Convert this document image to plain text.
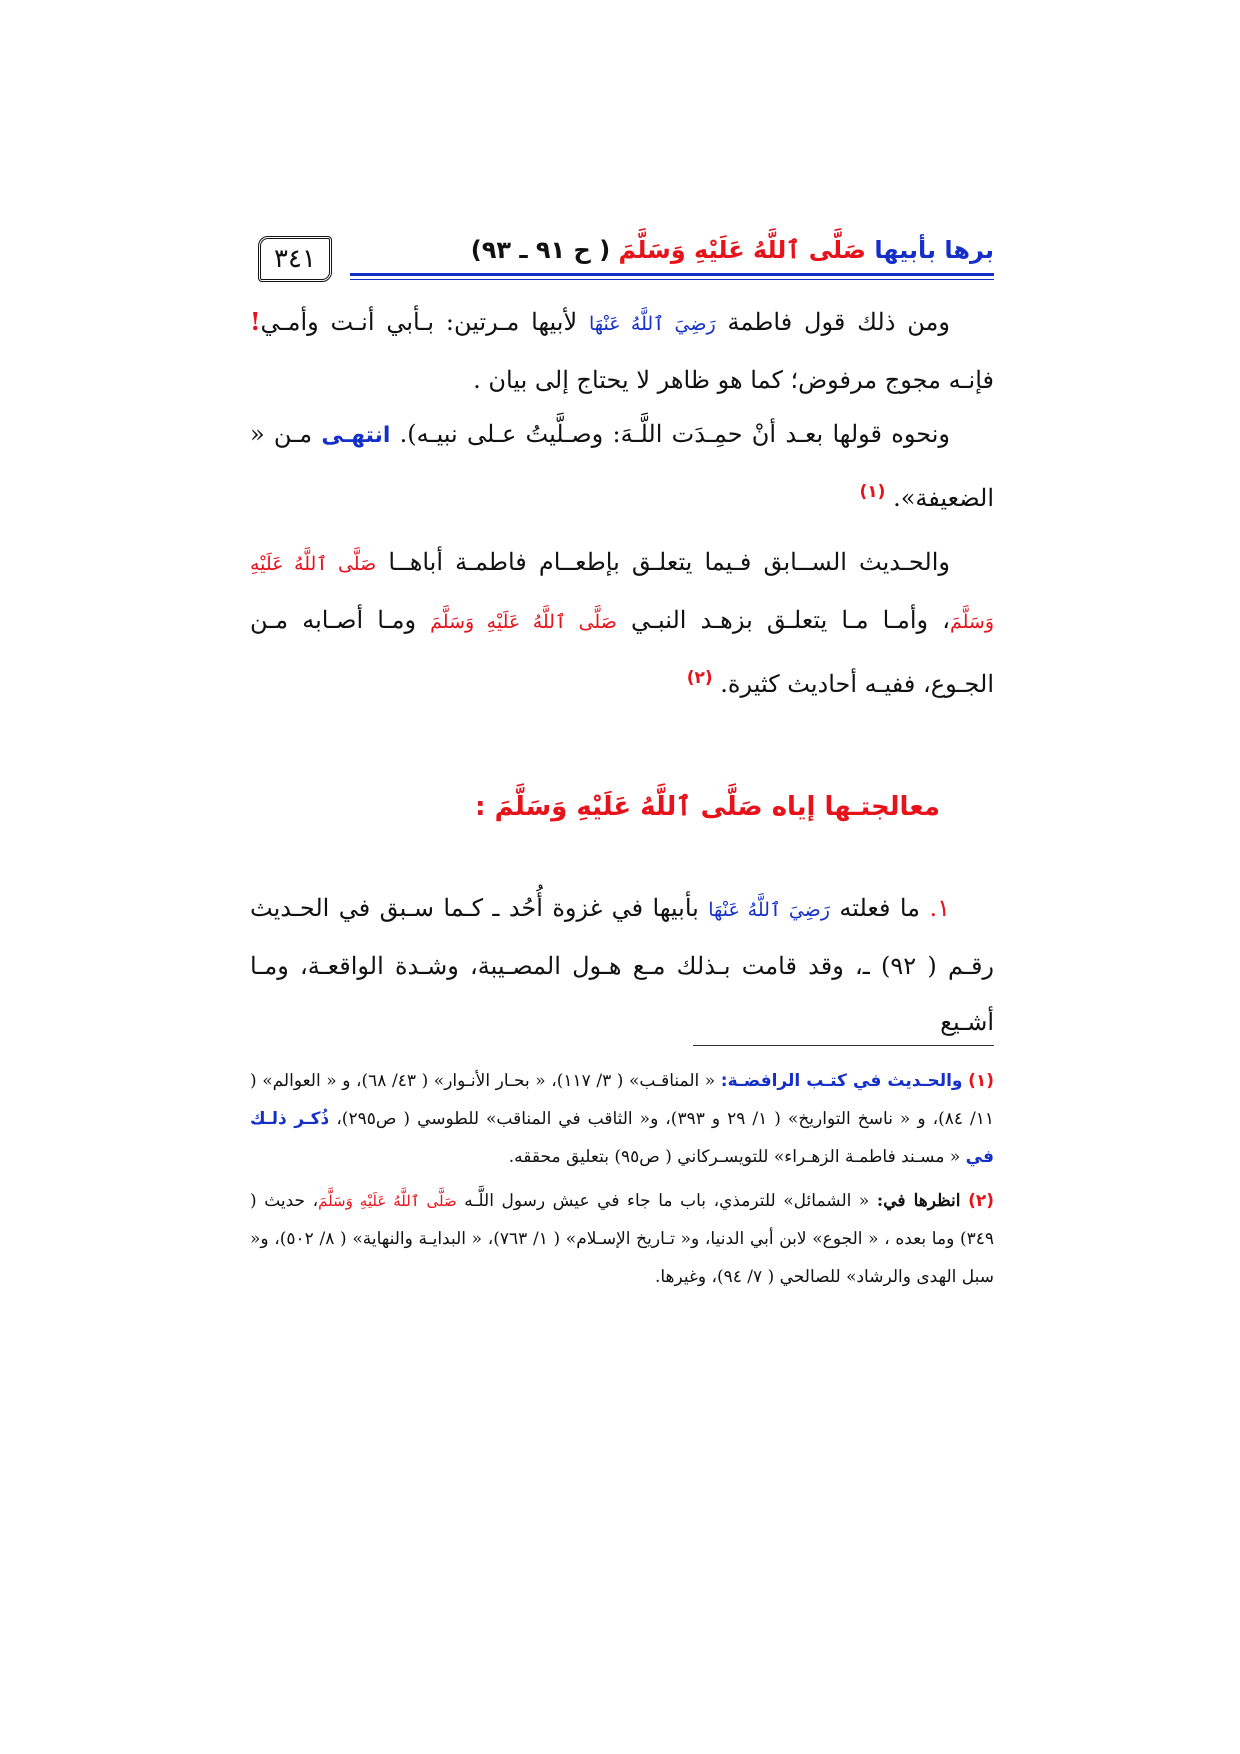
٣٤١	برها بأبيها صَلَّى ٱللَّهُ عَلَيْهِ وَسَلَّمَ ( ح ٩١ ـ ٩٣)

ومن ذلك قول فاطمة رَضِيَ ٱللَّهُ عَنْهَا لأبيها مـرتين: بـأبي أنـت وأمـي! فإنـه مجوج مرفوض؛ كما هو ظاهر لا يحتاج إلى بيان .

ونحوه قولها بعـد أنْ حمِـدَت اللَّـهَ: وصـلَّيتُ عـلى نبيـه). انتهـى مـن « الضعيفة». $^{(١)}$

والحـديث الســابق فـيما يتعلـق بإطعــام فاطمـة أباهــا صَلَّى ٱللَّهُ عَلَيْهِ وَسَلَّمَ، وأمـا مـا يتعلـق بزهـد النبـي صَلَّى ٱللَّهُ عَلَيْهِ وَسَلَّمَ ومـا أصـابه مـن الجـوع، ففيـه أحاديث كثيرة. $^{(٢)}$

معالجتـها إياه صَلَّى ٱللَّهُ عَلَيْهِ وَسَلَّمَ :

١. ما فعلته رَضِيَ ٱللَّهُ عَنْهَا بأبيها في غزوة أُحُد ـ كـما سـبق في الحـديث رقـم ( ٩٢) ـ، وقد قامت بـذلك مـع هـول المصـيبة، وشـدة الواقعـة، ومـا أشـيع

(١) والحـديث في كتـب الرافضـة: « المناقـب» ( ٣/ ١١٧)، « بحـار الأنـوار» ( ٤٣/ ٦٨)، و « العوالم» ( ١١/ ٨٤)، و « ناسخ التواريخ» ( ١/ ٢٩ و ٣٩٣)، و« الثاقب في المناقب» للطوسي ( ص٢٩٥)، ذُكـر ذلـك في « مسـند فاطمـة الزهـراء» للتويسـركاني ( ص٩٥) بتعليق محققه.

(٢) انظرها في: « الشمائل» للترمذي، باب ما جاء في عيش رسول اللَّـه صَلَّى ٱللَّهُ عَلَيْهِ وَسَلَّمَ، حديث ( ٣٤٩) وما بعده ، « الجوع» لابن أبي الدنيا، و« تـاريخ الإسـلام» ( ١/ ٧٦٣)، « البدايـة والنهاية» ( ٨/ ٥٠٢)، و« سبل الهدى والرشاد» للصالحي ( ٧/ ٩٤)، وغيرها.
